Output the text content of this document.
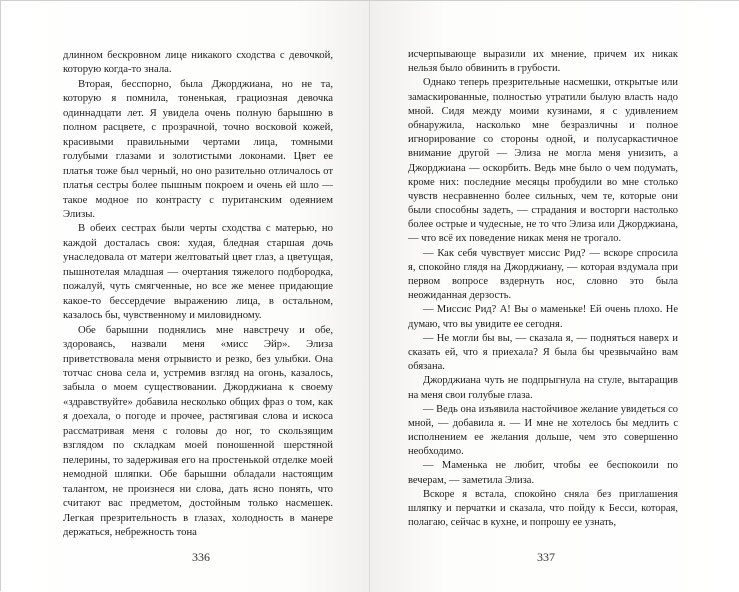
длинном бескровном лице никакого сходства с девочкой, которую когда-то знала.

Вторая, бесспорно, была Джорджиана, но не та, которую я помнила, тоненькая, грациозная девочка одиннадцати лет. Я увидела очень полную барышню в полном расцвете, с прозрачной, точно восковой кожей, красивыми правильными чертами лица, томными голубыми глазами и золотистыми локонами. Цвет ее платья тоже был черный, но оно разительно отличалось от платья сестры более пышным покроем и очень ей шло — такое модное по контрасту с пуританским одеянием Элизы.

В обеих сестрах были черты сходства с матерью, но каждой досталась своя: худая, бледная старшая дочь унаследовала от матери желтоватый цвет глаз, а цветущая, пышнотелая младшая — очертания тяжелого подбородка, пожалуй, чуть смягченные, но все же менее придающие какое-то бессердечие выражению лица, в остальном, казалось бы, чувственному и миловидному.

Обе барышни поднялись мне навстречу и обе, здороваясь, назвали меня «мисс Эйр». Элиза приветствовала меня отрывисто и резко, без улыбки. Она тотчас снова села и, устремив взгляд на огонь, казалось, забыла о моем существовании. Джорджиана к своему «здравствуйте» добавила несколько общих фраз о том, как я доехала, о погоде и прочее, растягивая слова и искоса рассматривая меня с головы до ног, то скользящим взглядом по складкам моей поношенной шерстяной пелерины, то задерживая его на простенькой отделке моей немодной шляпки. Обе барышни обладали настоящим талантом, не произнеся ни слова, дать ясно понять, что считают вас предметом, достойным только насмешек. Легкая презрительность в глазах, холодность в манере держаться, небрежность тона

336

исчерпывающе выразили их мнение, причем их никак нельзя было обвинить в грубости.

Однако теперь презрительные насмешки, открытые или замаскированные, полностью утратили былую власть надо мной. Сидя между моими кузинами, я с удивлением обнаружила, насколько мне безразличны и полное игнорирование со стороны одной, и полусаркастичное внимание другой — Элиза не могла меня унизить, а Джорджиана — оскорбить. Ведь мне было о чем подумать, кроме них: последние месяцы пробудили во мне столько чувств несравненно более сильных, чем те, которые они были способны задеть, — страдания и восторги настолько более острые и чудесные, не то что Элиза или Джорджиана, — что всё их поведение никак меня не трогало.

— Как себя чувствует миссис Рид? — вскоре спросила я, спокойно глядя на Джорджиану, — которая вздумала при первом вопросе вздернуть нос, словно это была неожиданная дерзость.

— Миссис Рид? А! Вы о маменьке! Ей очень плохо. Не думаю, что вы увидите ее сегодня.

— Не могли бы вы, — сказала я, — подняться наверх и сказать ей, что я приехала? Я была бы чрезвычайно вам обязана.

Джорджиана чуть не подпрыгнула на стуле, вытаращив на меня свои голубые глаза.

— Ведь она изъявила настойчивое желание увидеться со мной, — добавила я. — И мне не хотелось бы медлить с исполнением ее желания дольше, чем это совершенно необходимо.

— Маменька не любит, чтобы ее беспокоили по вечерам, — заметила Элиза.

Вскоре я встала, спокойно сняла без приглашения шляпку и перчатки и сказала, что пойду к Бесси, которая, полагаю, сейчас в кухне, и попрошу ее узнать,

337
